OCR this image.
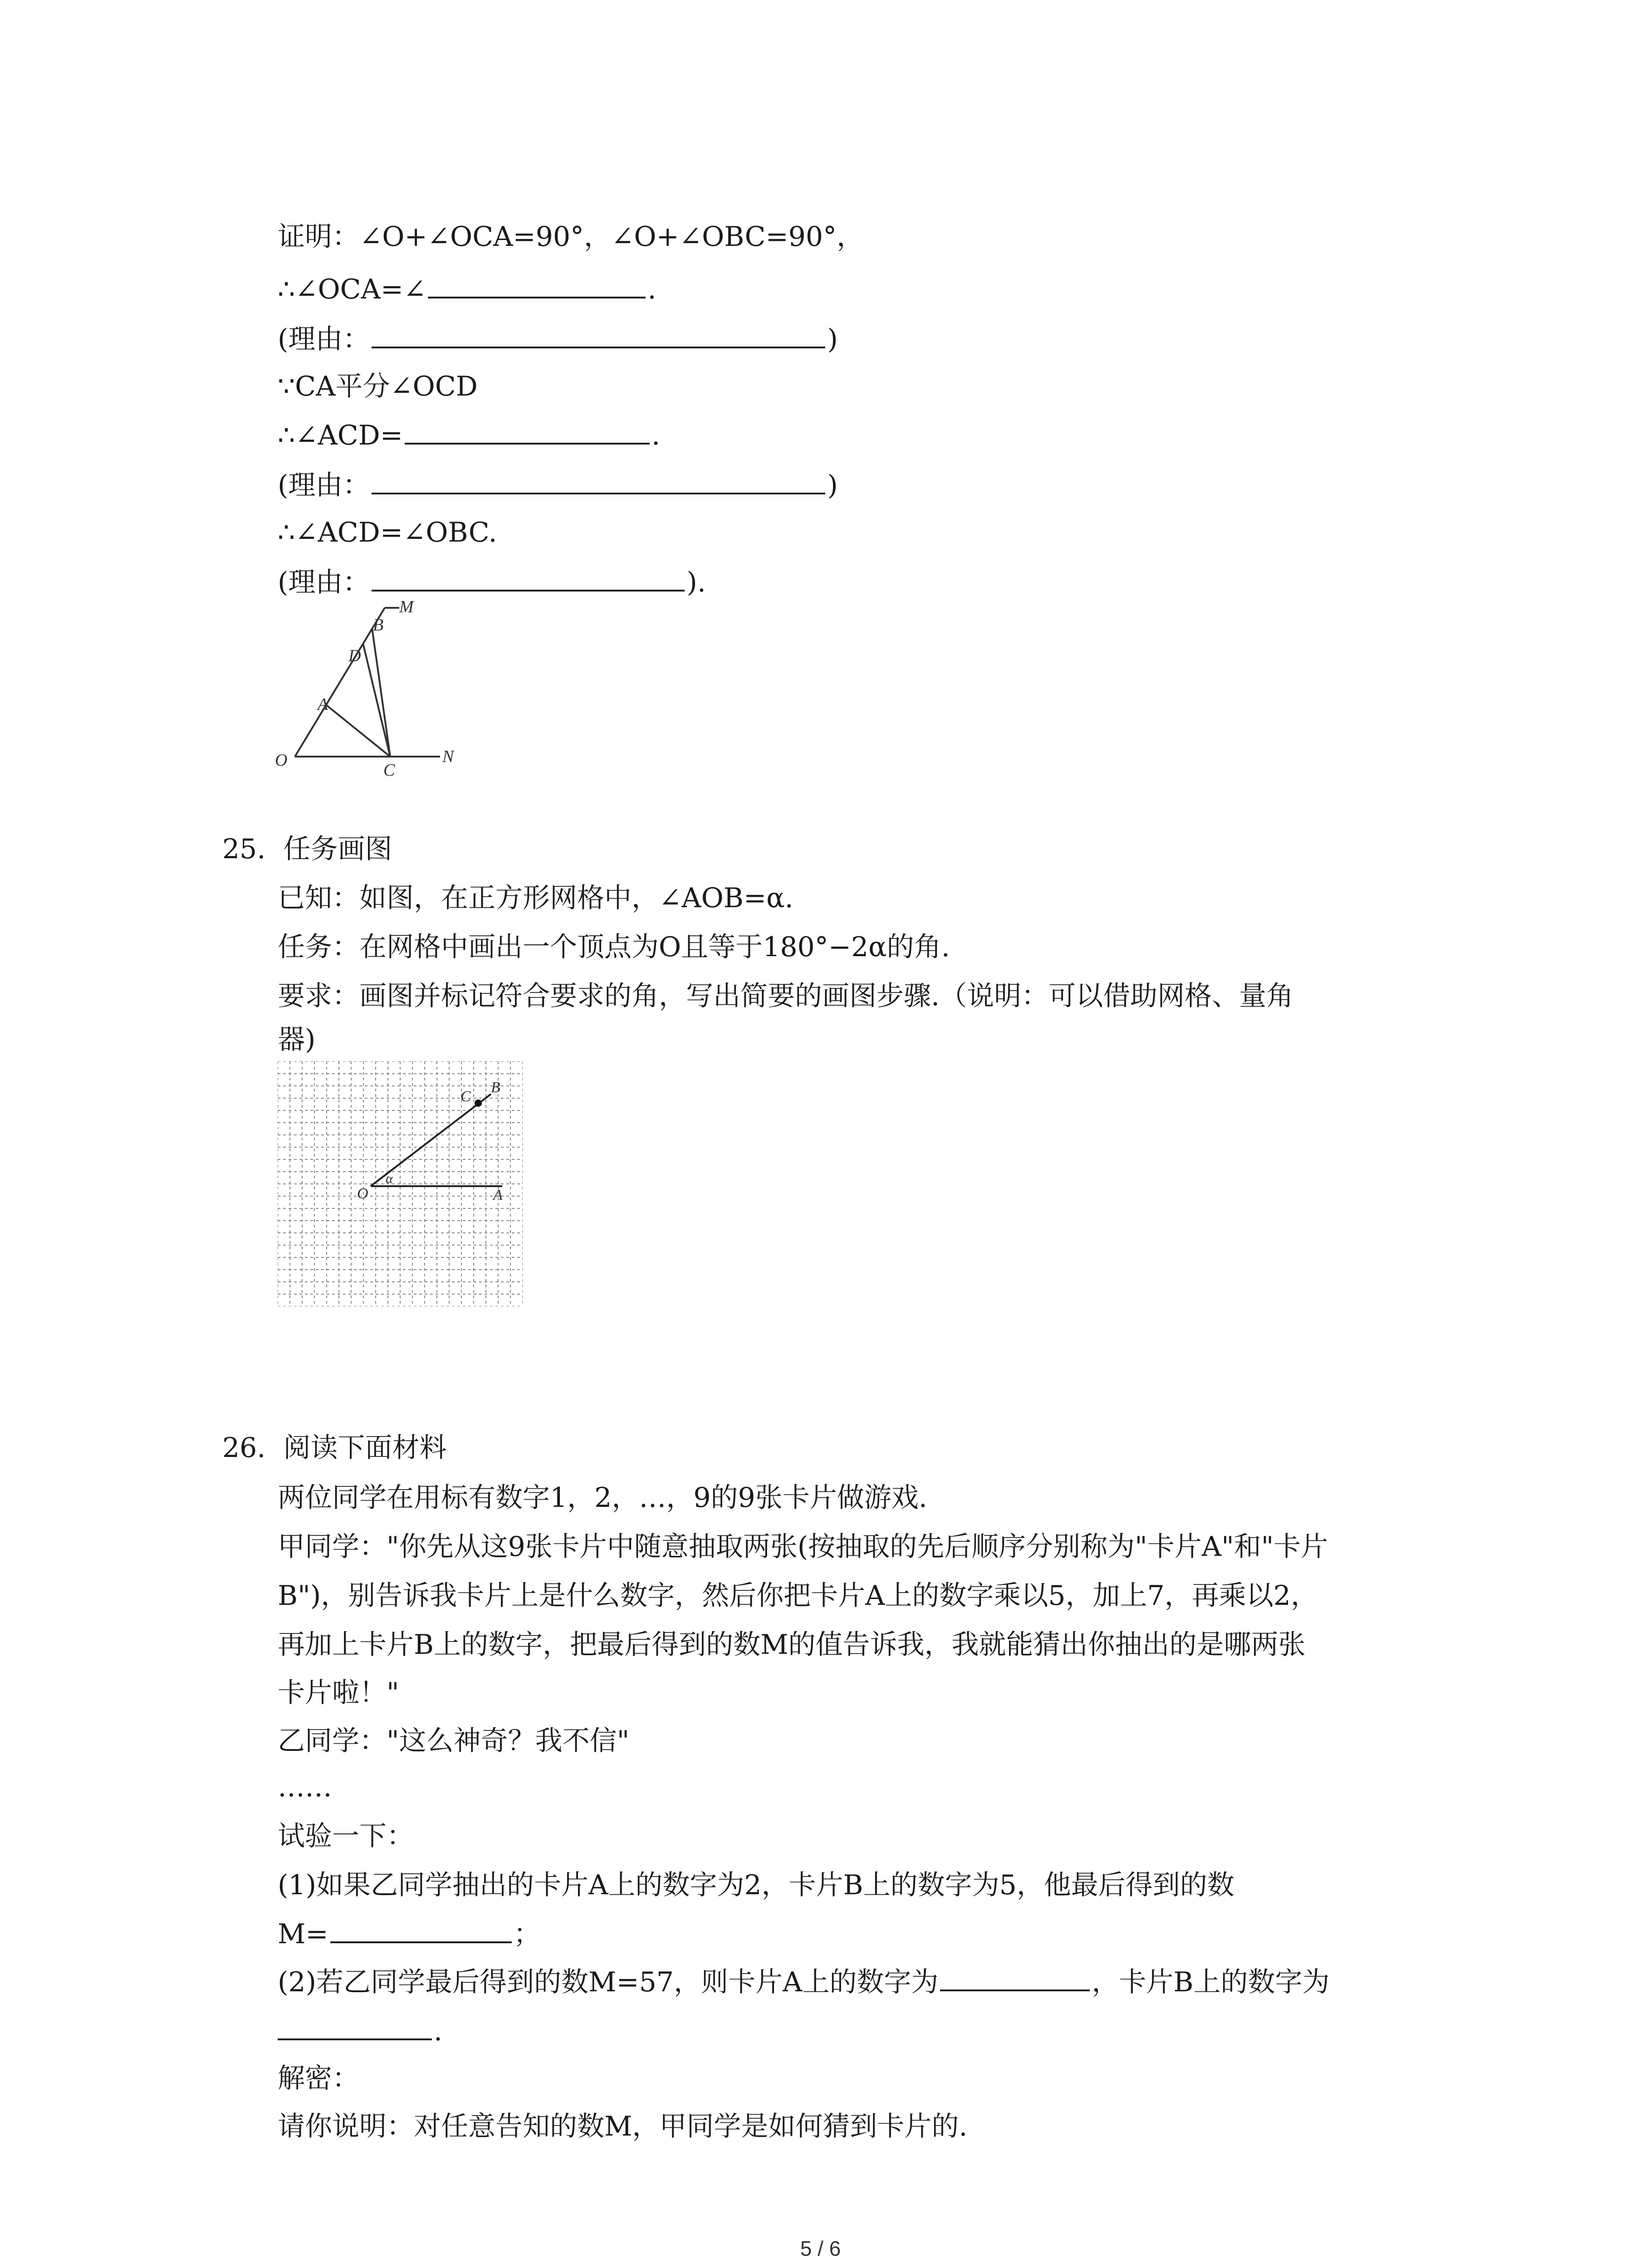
证明：∠O+∠OCA=90°，∠O+∠OBC=90°，
∴∠OCA=∠	.
(理由：	)
∵CA平分∠OCD
∴∠ACD=	.
(理由：	)
∴∠ACD=∠OBC.
(理由：	).
M
B
D
A
O
C
N
25. 任务画图
已知：如图，在正方形网格中，∠AOB=α.
任务：在网格中画出一个顶点为O且等于180°−2α的角.
要求：画图并标记符合要求的角，写出简要的画图步骤.（说明：可以借助网格、量角
器)
C
B
O
α
A
26. 阅读下面材料
两位同学在用标有数字1，2，…，9的9张卡片做游戏.
甲同学："你先从这9张卡片中随意抽取两张(按抽取的先后顺序分别称为"卡片A"和"卡片
B")，别告诉我卡片上是什么数字，然后你把卡片A上的数字乘以5，加上7，再乘以2，
再加上卡片B上的数字，把最后得到的数M的值告诉我，我就能猜出你抽出的是哪两张
卡片啦！"
乙同学："这么神奇？我不信"
……
试验一下：
(1)如果乙同学抽出的卡片A上的数字为2，卡片B上的数字为5，他最后得到的数
M=	；
(2)若乙同学最后得到的数M=57，则卡片A上的数字为	，卡片B上的数字为
.
解密：
请你说明：对任意告知的数M，甲同学是如何猜到卡片的.
5 / 6
